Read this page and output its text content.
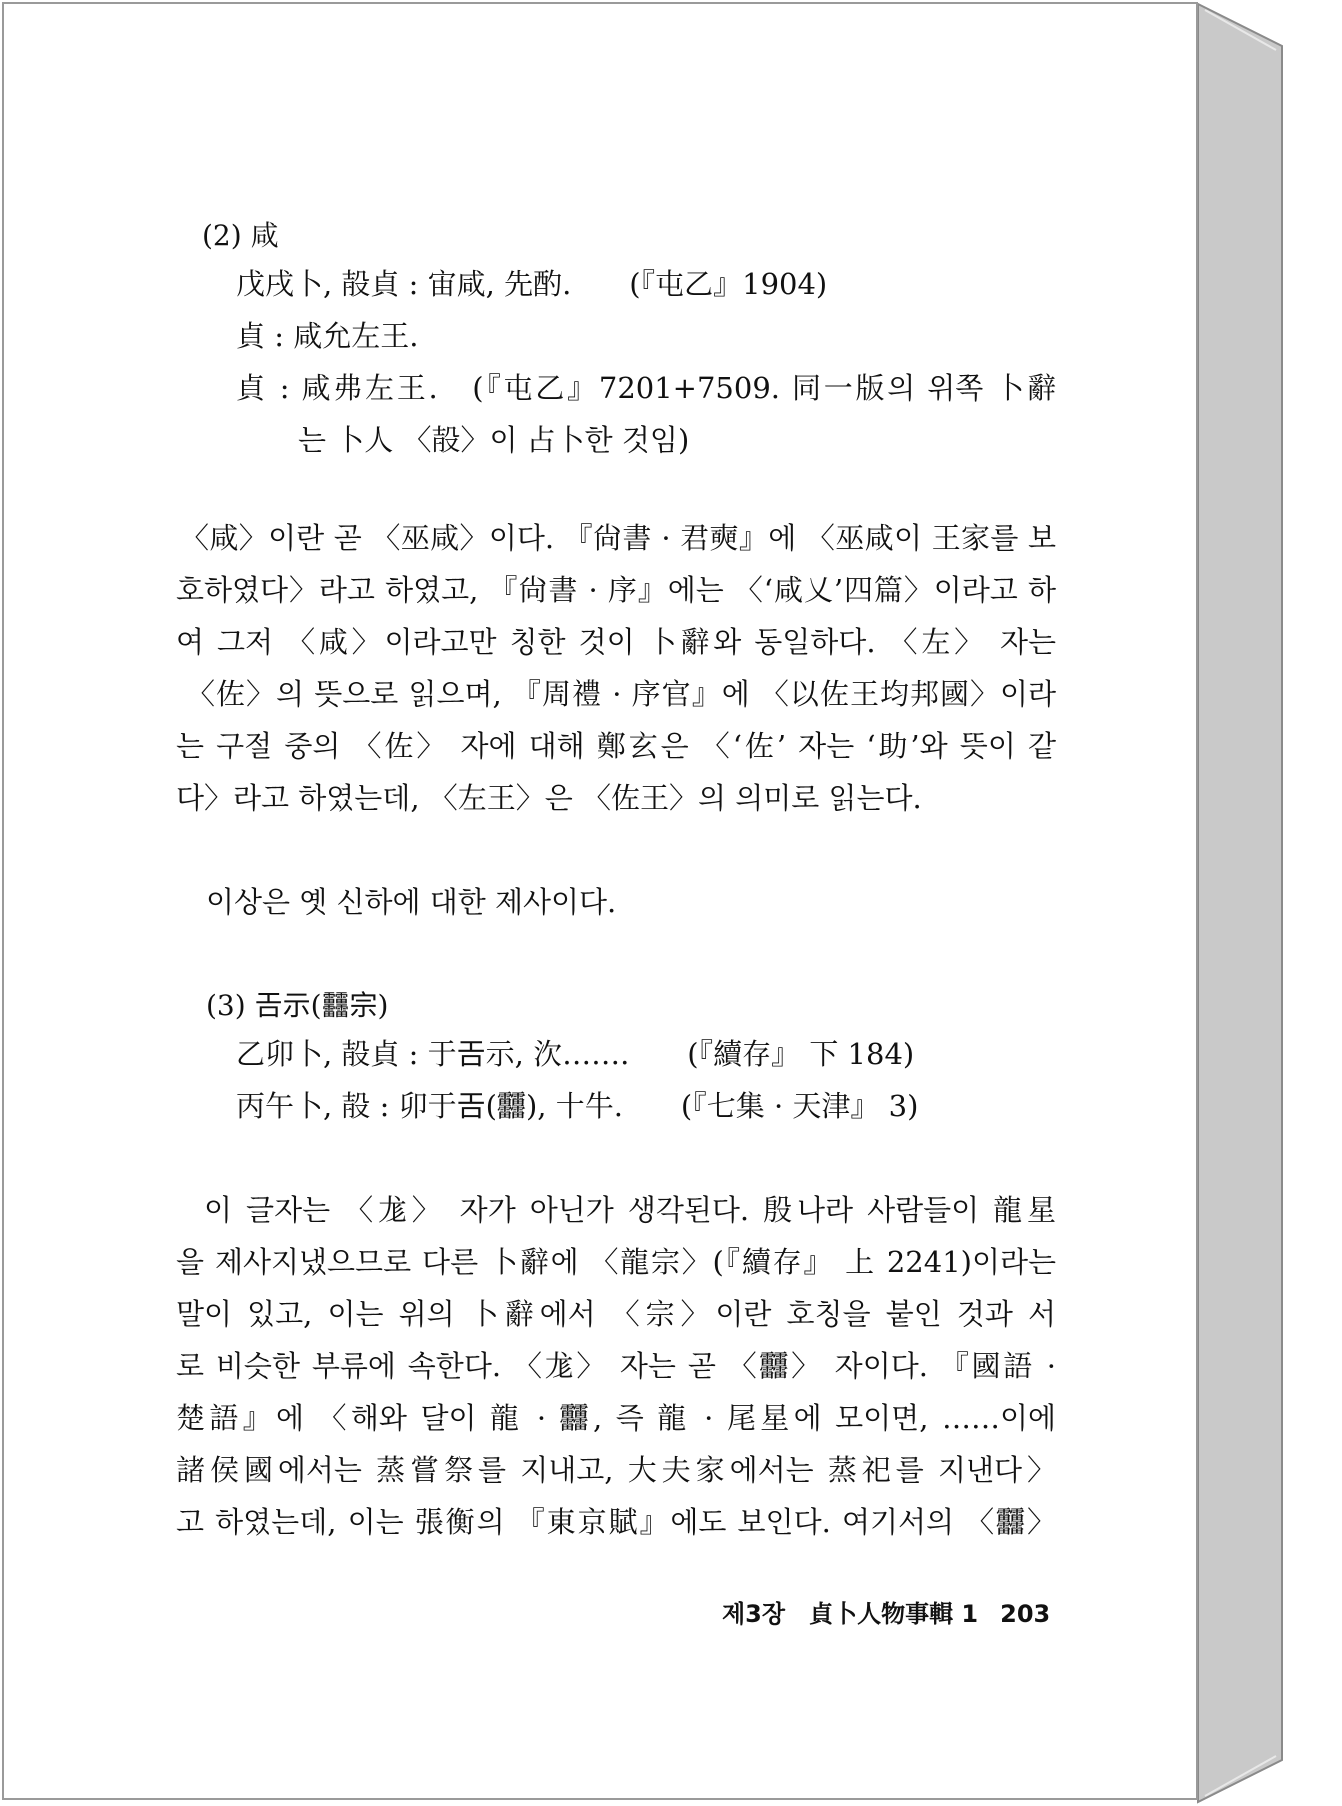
(2) 咸
戊戌卜, 㱿貞 : 宙咸, 先酌.　　(『屯乙』1904)
貞 : 咸允左王.
貞 : 咸弗左王.　(『屯乙』7201+7509. 同一版의 위쪽 卜辭
는 卜人 〈㱿〉이 占卜한 것임)
〈咸〉이란 곧 〈巫咸〉이다. 『尙書 · 君奭』에 〈巫咸이 王家를 보
호하였다〉라고 하였고, 『尙書 · 序』에는 〈‘咸乂’四篇〉이라고 하
여 그저 〈咸〉이라고만 칭한 것이 卜辭와 동일하다. 〈左〉 자는
〈佐〉의 뜻으로 읽으며, 『周禮 · 序官』에 〈以佐王均邦國〉이라
는 구절 중의 〈佐〉 자에 대해 鄭玄은 〈‘佐’ 자는 ‘助’와 뜻이 같
다〉라고 하였는데, 〈左王〉은 〈佐王〉의 의미로 읽는다.
이상은 옛 신하에 대한 제사이다.
(3) 𢀛示(䨻宗)
乙卯卜, 㱿貞 : 于𢀛示, 㳄…….　　(『續存』 下 184)
丙午卜, 㱿 : 卯于𢀛(䨻), 十牛.　　(『七集 · 天津』 3)
이 글자는 〈尨〉 자가 아닌가 생각된다. 殷나라 사람들이 龍星
을 제사지냈으므로 다른 卜辭에 〈龍宗〉(『續存』 上 2241)이라는
말이 있고, 이는 위의 卜辭에서 〈宗〉이란 호칭을 붙인 것과 서
로 비슷한 부류에 속한다. 〈尨〉 자는 곧 〈䨻〉 자이다. 『國語 ·
楚語』에 〈해와 달이 龍 · 䨻, 즉 龍 · 尾星에 모이면, ……이에
諸侯國에서는 蒸嘗祭를 지내고, 大夫家에서는 蒸祀를 지낸다〉
고 하였는데, 이는 張衡의 『東京賦』에도 보인다. 여기서의 〈䨻〉
제3장　貞卜人物事輯 1 203
